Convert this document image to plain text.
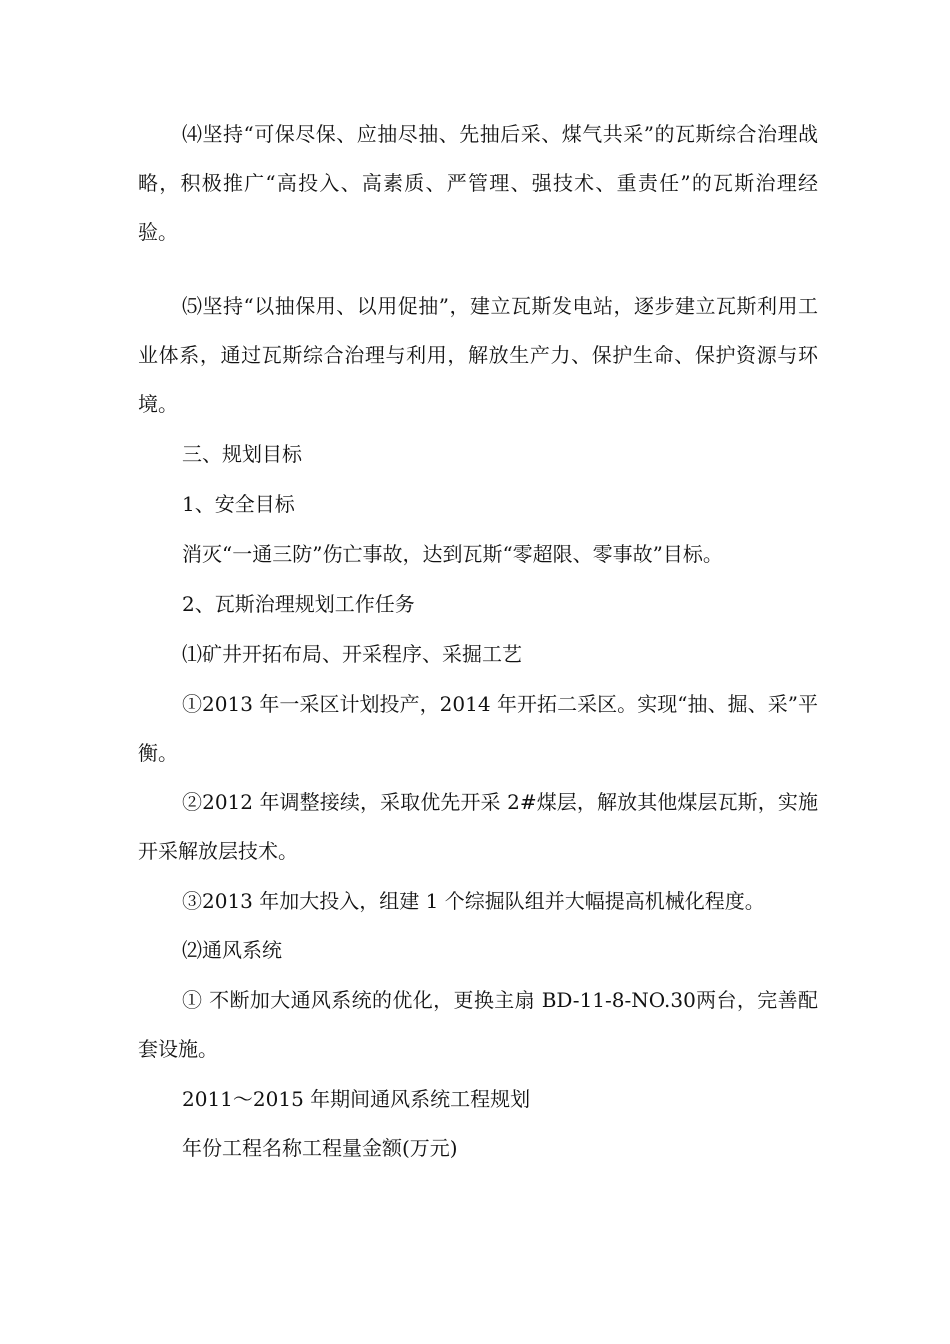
⑷坚持“可保尽保、应抽尽抽、先抽后采、煤气共采”的瓦斯综合治理战略，积极推广“高投入、高素质、严管理、强技术、重责任”的瓦斯治理经验。

⑸坚持“以抽保用、以用促抽”，建立瓦斯发电站，逐步建立瓦斯利用工业体系，通过瓦斯综合治理与利用，解放生产力、保护生命、保护资源与环境。

三、规划目标

1、安全目标

消灭“一通三防”伤亡事故，达到瓦斯“零超限、零事故”目标。

2、瓦斯治理规划工作任务

⑴矿井开拓布局、开采程序、采掘工艺

①2013 年一采区计划投产，2014 年开拓二采区。实现“抽、掘、采”平衡。

②2012 年调整接续，采取优先开采 2#煤层，解放其他煤层瓦斯，实施开采解放层技术。

③2013 年加大投入，组建 1 个综掘队组并大幅提高机械化程度。

⑵通风系统

① 不断加大通风系统的优化，更换主扇 BD-11-8-NO.30两台，完善配套设施。

2011～2015 年期间通风系统工程规划

年份工程名称工程量金额(万元)
